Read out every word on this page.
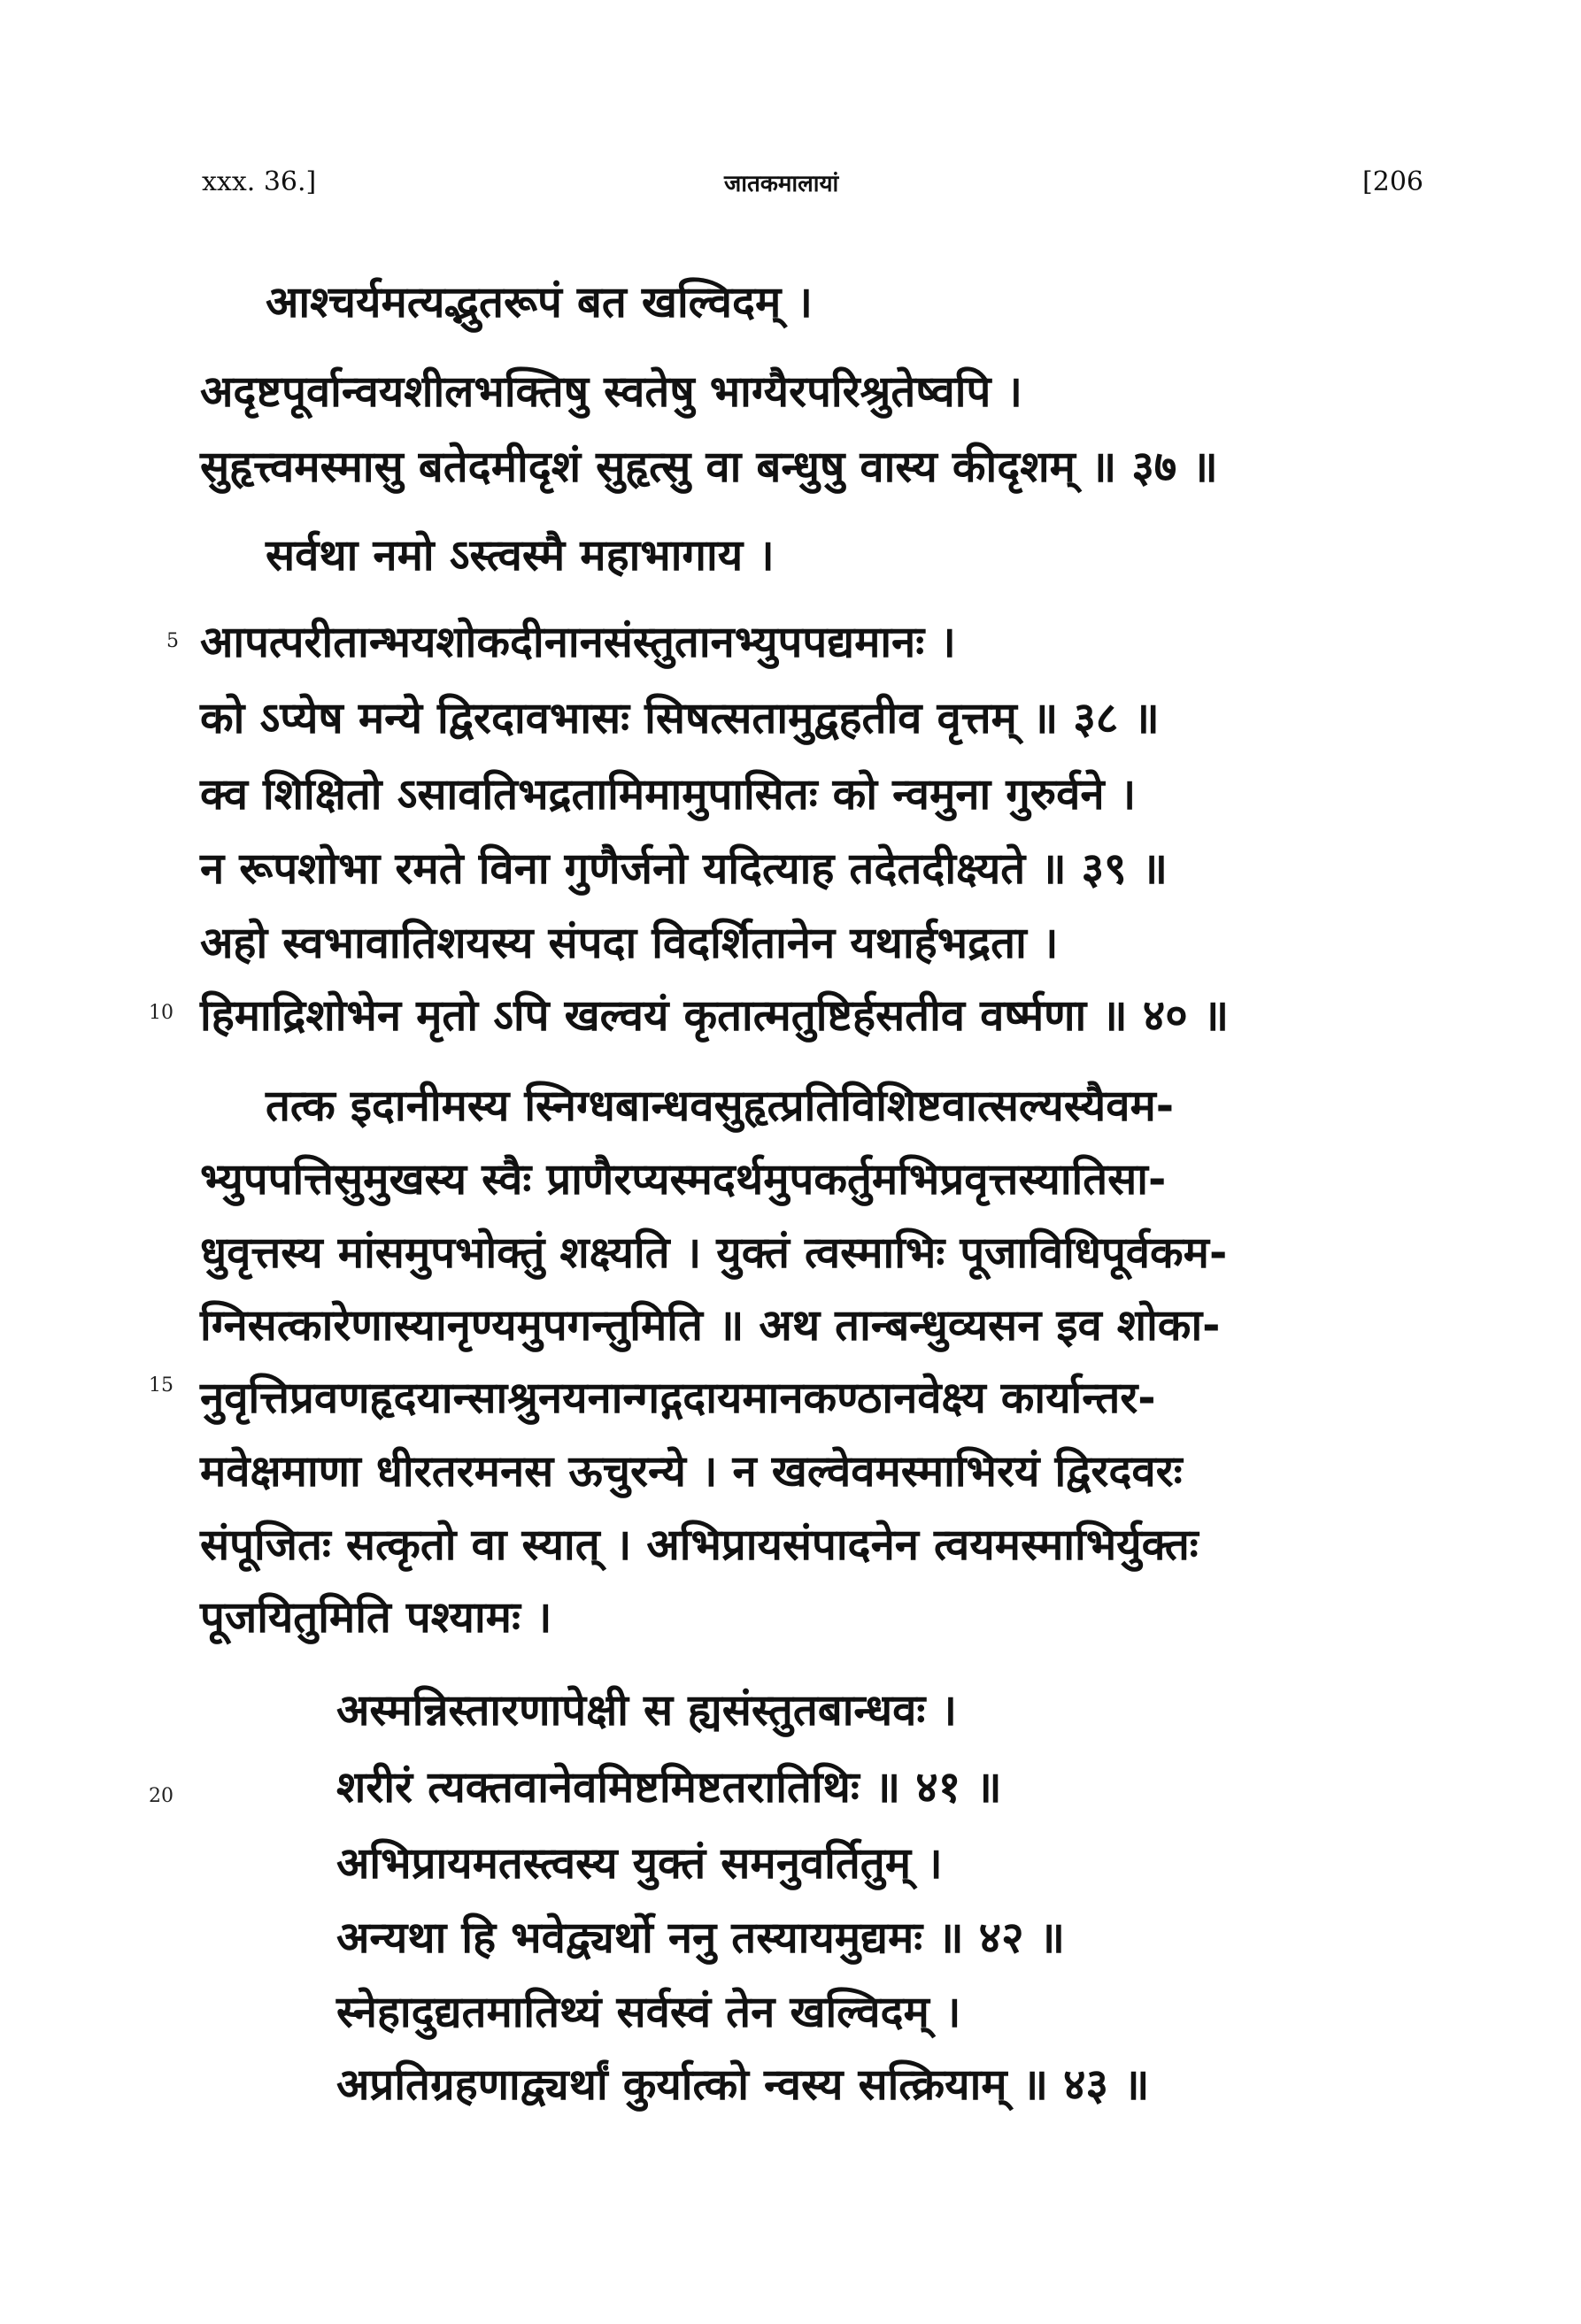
xxx. 36.]	जातकमालायां	[206
5
10
15
20
आश्चर्यमत्यद्भुतरूपं बत खल्विदम् ।
अदृष्टपूर्वान्वयशीलभक्तिषु स्वतेषु भाग्यैरपरिश्रुतेष्वपि ।
सुहृत्त्वमस्मासु बतेदमीदृशं सुहृत्सु वा बन्धुषु वास्य कीदृशम् ॥ ३७ ॥
सर्वथा नमो ऽस्त्वस्मै महाभागाय ।
आपत्परीतान्भयशोकदीनानसंस्तुतानभ्युपपद्यमानः ।
को ऽप्येष मन्ये द्विरदावभासः सिषत्सतामुद्वहतीव वृत्तम् ॥ ३८ ॥
क्व शिक्षितो ऽसावतिभद्रतामिमामुपासितः को न्वमुना गुरुर्वने ।
न रूपशोभा रमते विना गुणैर्जनो यदित्याह तदेतदीक्ष्यते ॥ ३९ ॥
अहो स्वभावातिशयस्य संपदा विदर्शितानेन यथार्हभद्रता ।
हिमाद्रिशोभेन मृतो ऽपि खल्वयं कृतात्मतुष्टिर्हसतीव वर्ष्मणा ॥ ४० ॥
तत्क इदानीमस्य स्निग्धबान्धवसुहृत्प्रतिविशिष्टवात्सल्यस्यैवम-
भ्युपपत्तिसुमुखस्य स्वैः प्राणैरप्यस्मदर्थमुपकर्तुमभिप्रवृत्तस्यातिसा-
धुवृत्तस्य मांसमुपभोक्तुं शक्ष्यति । युक्तं त्वस्माभिः पूजाविधिपूर्वकम-
ग्निसत्कारेणास्यानृण्यमुपगन्तुमिति ॥ अथ तान्बन्धुव्यसन इव शोका-
नुवृत्तिप्रवणहृदयान्साश्रुनयनान्गद्गदायमानकण्ठानवेक्ष्य कार्यान्तर-
मवेक्षमाणा धीरतरमनस ऊचुरन्ये । न खल्वेवमस्माभिरयं द्विरदवरः
संपूजितः सत्कृतो वा स्यात् । अभिप्रायसंपादनेन त्वयमस्माभिर्युक्तः
पूजयितुमिति पश्यामः ।
अस्मन्निस्तारणापेक्षी स ह्यसंस्तुतबान्धवः ।
शरीरं त्यक्तवानेवमिष्टमिष्टतरातिथिः ॥ ४१ ॥
अभिप्रायमतस्त्वस्य युक्तं समनुवर्तितुम् ।
अन्यथा हि भवेद्व्यर्थो ननु तस्यायमुद्यमः ॥ ४२ ॥
स्नेहादुद्यतमातिथ्यं सर्वस्वं तेन खल्विदम् ।
अप्रतिग्रहणाद्व्यर्थां कुर्यात्को न्वस्य सत्क्रियाम् ॥ ४३ ॥
